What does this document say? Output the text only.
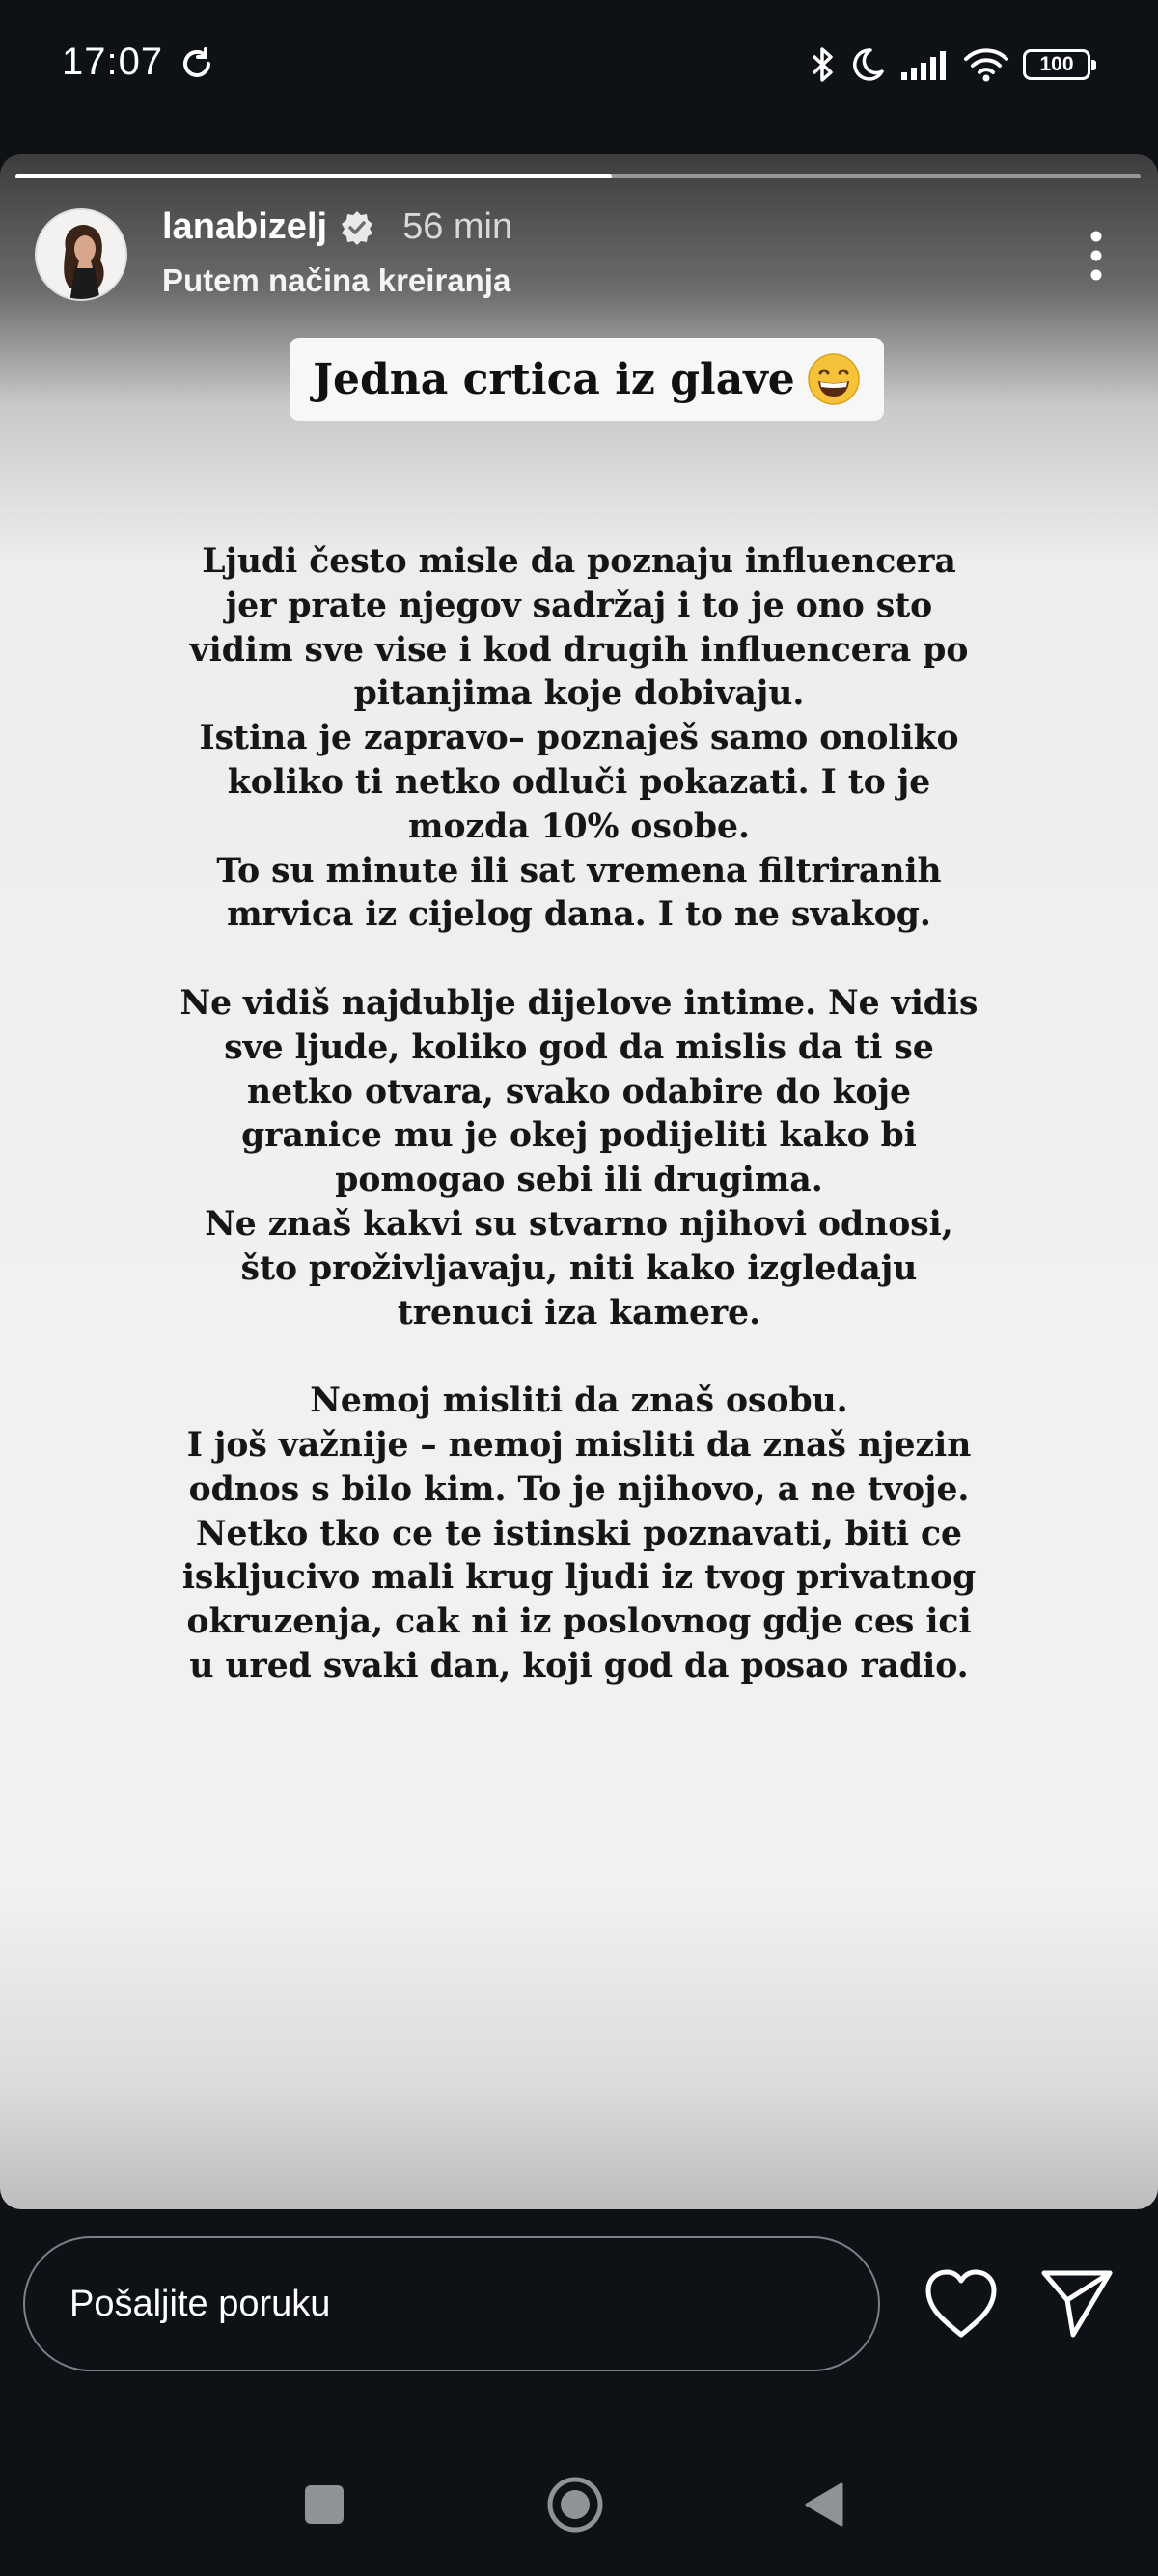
17:07	100
lanabizelj 56 min
Putem načina kreiranja
Jedna crtica iz glave

Ljudi često misle da poznaju influencera
jer prate njegov sadržaj i to je ono sto
vidim sve vise i kod drugih influencera po
pitanjima koje dobivaju.
Istina je zapravo– poznaješ samo onoliko
koliko ti netko odluči pokazati. I to je
mozda 10% osobe.
To su minute ili sat vremena filtriranih
mrvica iz cijelog dana. I to ne svakog.

Ne vidiš najdublje dijelove intime. Ne vidis
sve ljude, koliko god da mislis da ti se
netko otvara, svako odabire do koje
granice mu je okej podijeliti kako bi
pomogao sebi ili drugima.
Ne znaš kakvi su stvarno njihovi odnosi,
što proživljavaju, niti kako izgledaju
trenuci iza kamere.

Nemoj misliti da znaš osobu.
I još važnije – nemoj misliti da znaš njezin
odnos s bilo kim. To je njihovo, a ne tvoje.
Netko tko ce te istinski poznavati, biti ce
iskljucivo mali krug ljudi iz tvog privatnog
okruzenja, cak ni iz poslovnog gdje ces ici
u ured svaki dan, koji god da posao radio.

Pošaljite poruku
